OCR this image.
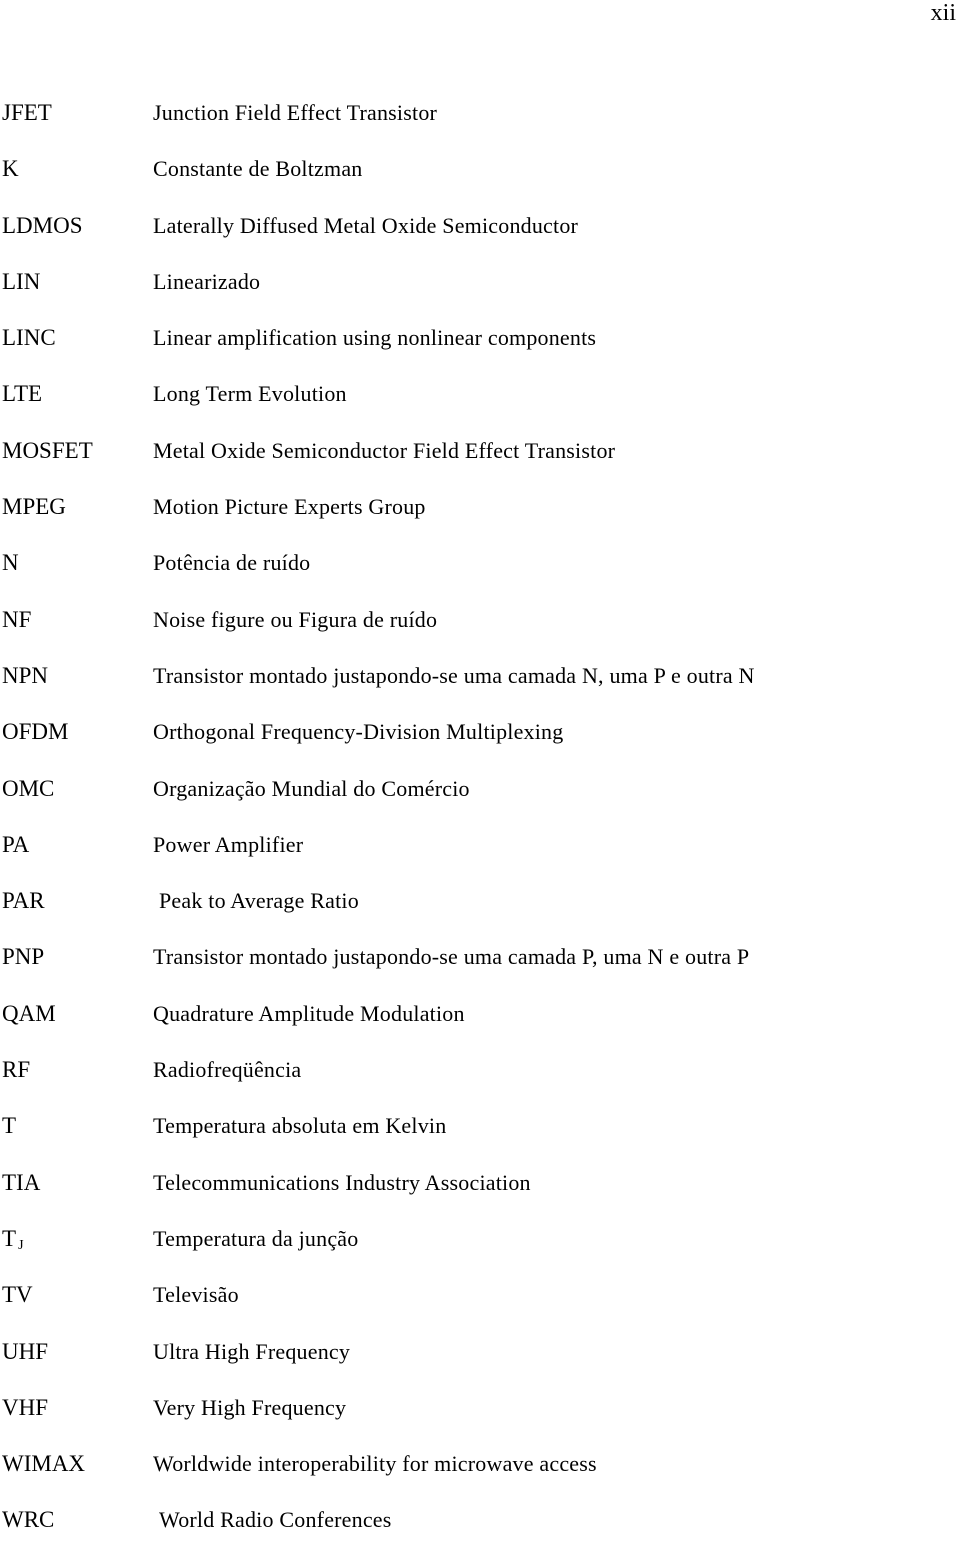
xii
JFET	Junction Field Effect Transistor
K	Constante de Boltzman
LDMOS	Laterally Diffused Metal Oxide Semiconductor
LIN	Linearizado
LINC	Linear amplification using nonlinear components
LTE	Long Term Evolution
MOSFET	Metal Oxide Semiconductor Field Effect Transistor
MPEG	Motion Picture Experts Group
N	Potência de ruído
NF	Noise figure ou Figura de ruído
NPN	Transistor montado justapondo-se uma camada N, uma P e outra N
OFDM	Orthogonal Frequency-Division Multiplexing
OMC	Organização Mundial do Comércio
PA	Power Amplifier
PAR	Peak to Average Ratio
PNP	Transistor montado justapondo-se uma camada P, uma N e outra P
QAM	Quadrature Amplitude Modulation
RF	Radiofreqüência
T	Temperatura absoluta em Kelvin
TIA	Telecommunications Industry Association
T $_J$	Temperatura da junção
TV	Televisão
UHF	Ultra High Frequency
VHF	Very High Frequency
WIMAX	Worldwide interoperability for microwave access
WRC	World Radio Conferences
